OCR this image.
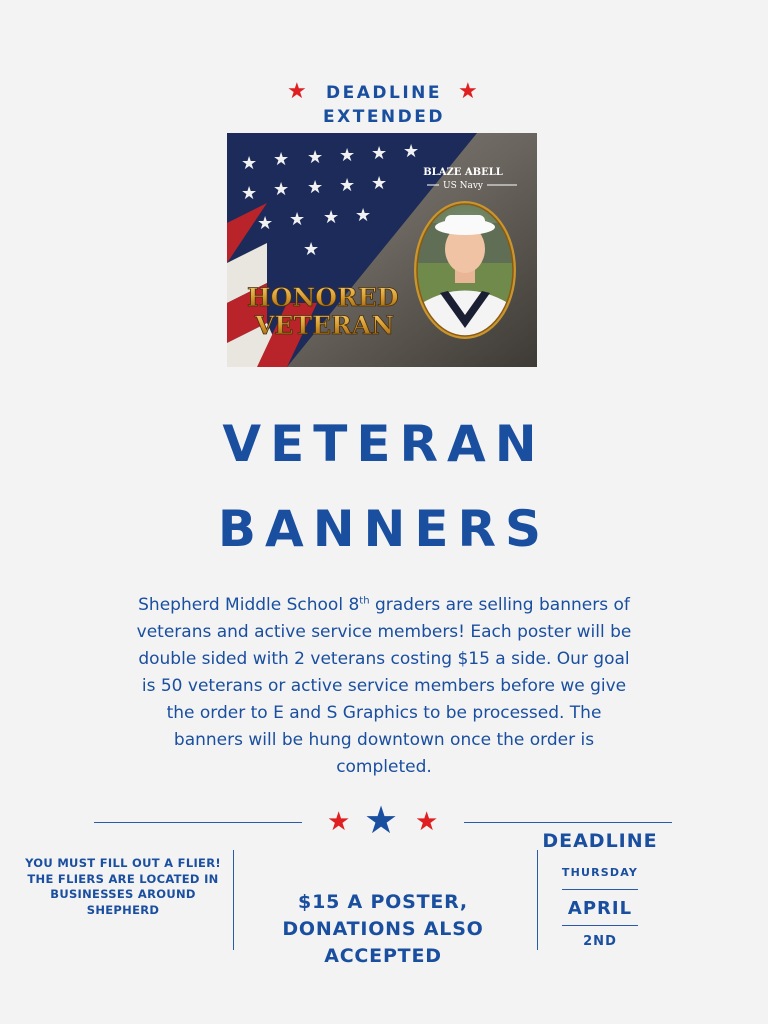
★	★
DEADLINE
EXTENDED
★ ★ ★ ★ ★ ★
★ ★ ★ ★ ★
★ ★ ★ ★
★
BLAZE ABELL
US Navy
HONORED
VETERAN
VETERAN
BANNERS
Shepherd Middle School 8th graders are selling banners of veterans and active service members! Each poster will be double sided with 2 veterans costing $15 a side. Our goal is 50 veterans or active service members before we give the order to E and S Graphics to be processed. The banners will be hung downtown once the order is completed.
★ ★ ★
YOU MUST FILL OUT A FLIER! THE FLIERS ARE LOCATED IN BUSINESSES AROUND SHEPHERD	$15 A POSTER, DONATIONS ALSO ACCEPTED
DEADLINE
THURSDAY
APRIL
2ND
